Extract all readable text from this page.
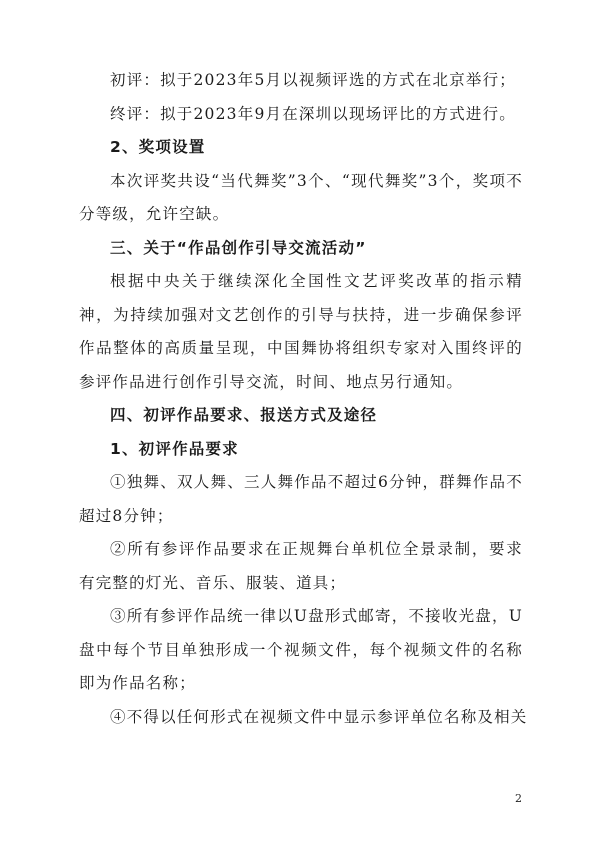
初评：拟于2023年5月以视频评选的方式在北京举行；

终评：拟于2023年9月在深圳以现场评比的方式进行。

2、奖项设置

本次评奖共设“当代舞奖”3个、“现代舞奖”3个，奖项不分等级，允许空缺。

三、关于“作品创作引导交流活动”

根据中央关于继续深化全国性文艺评奖改革的指示精神，为持续加强对文艺创作的引导与扶持，进一步确保参评作品整体的高质量呈现，中国舞协将组织专家对入围终评的参评作品进行创作引导交流，时间、地点另行通知。

四、初评作品要求、报送方式及途径

1、初评作品要求

①独舞、双人舞、三人舞作品不超过6分钟，群舞作品不超过8分钟；

②所有参评作品要求在正规舞台单机位全景录制，要求有完整的灯光、音乐、服装、道具；

③所有参评作品统一律以U盘形式邮寄，不接收光盘，U盘中每个节目单独形成一个视频文件，每个视频文件的名称即为作品名称；

④不得以任何形式在视频文件中显示参评单位名称及相关

2
